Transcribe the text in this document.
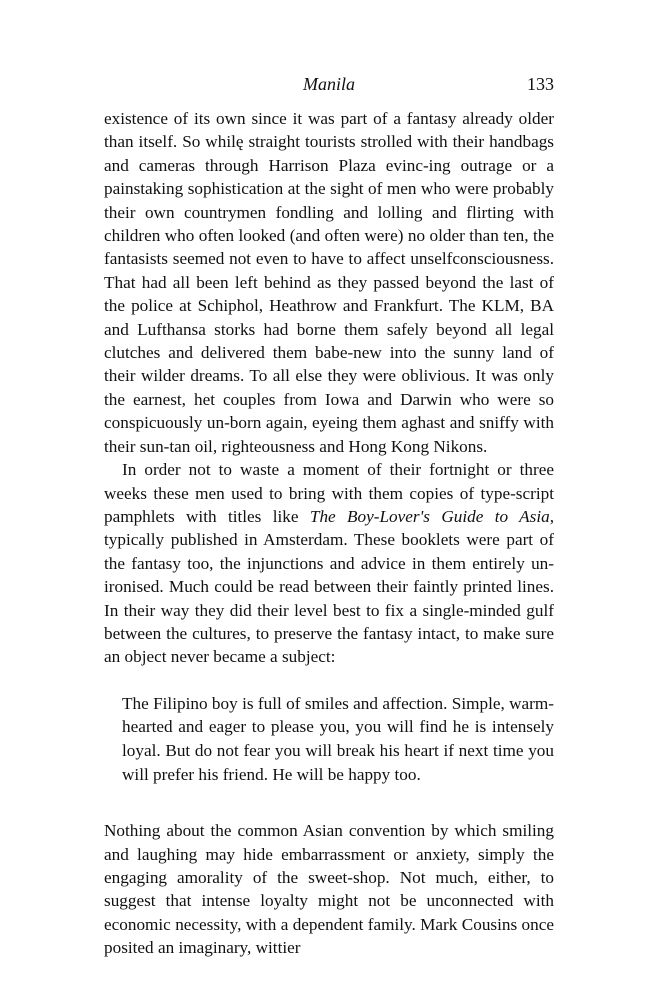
Manila	133

existence of its own since it was part of a fantasy already older than itself. So whilę straight tourists strolled with their handbags and cameras through Harrison Plaza evinc-ing outrage or a painstaking sophistication at the sight of men who were probably their own countrymen fondling and lolling and flirting with children who often looked (and often were) no older than ten, the fantasists seemed not even to have to affect unselfconsciousness. That had all been left behind as they passed beyond the last of the police at Schiphol, Heathrow and Frankfurt. The KLM, BA and Lufthansa storks had borne them safely beyond all legal clutches and delivered them babe-new into the sunny land of their wilder dreams. To all else they were oblivious. It was only the earnest, het couples from Iowa and Darwin who were so conspicuously un-born again, eyeing them aghast and sniffy with their sun-tan oil, righteousness and Hong Kong Nikons.

In order not to waste a moment of their fortnight or three weeks these men used to bring with them copies of type-script pamphlets with titles like The Boy-Lover's Guide to Asia, typically published in Amsterdam. These booklets were part of the fantasy too, the injunctions and advice in them entirely un-ironised. Much could be read between their faintly printed lines. In their way they did their level best to fix a single-minded gulf between the cultures, to preserve the fantasy intact, to make sure an object never became a subject:

The Filipino boy is full of smiles and affection. Simple, warm-hearted and eager to please you, you will find he is intensely loyal. But do not fear you will break his heart if next time you will prefer his friend. He will be happy too.

Nothing about the common Asian convention by which smiling and laughing may hide embarrassment or anxiety, simply the engaging amorality of the sweet-shop. Not much, either, to suggest that intense loyalty might not be unconnected with economic necessity, with a dependent family. Mark Cousins once posited an imaginary, wittier
